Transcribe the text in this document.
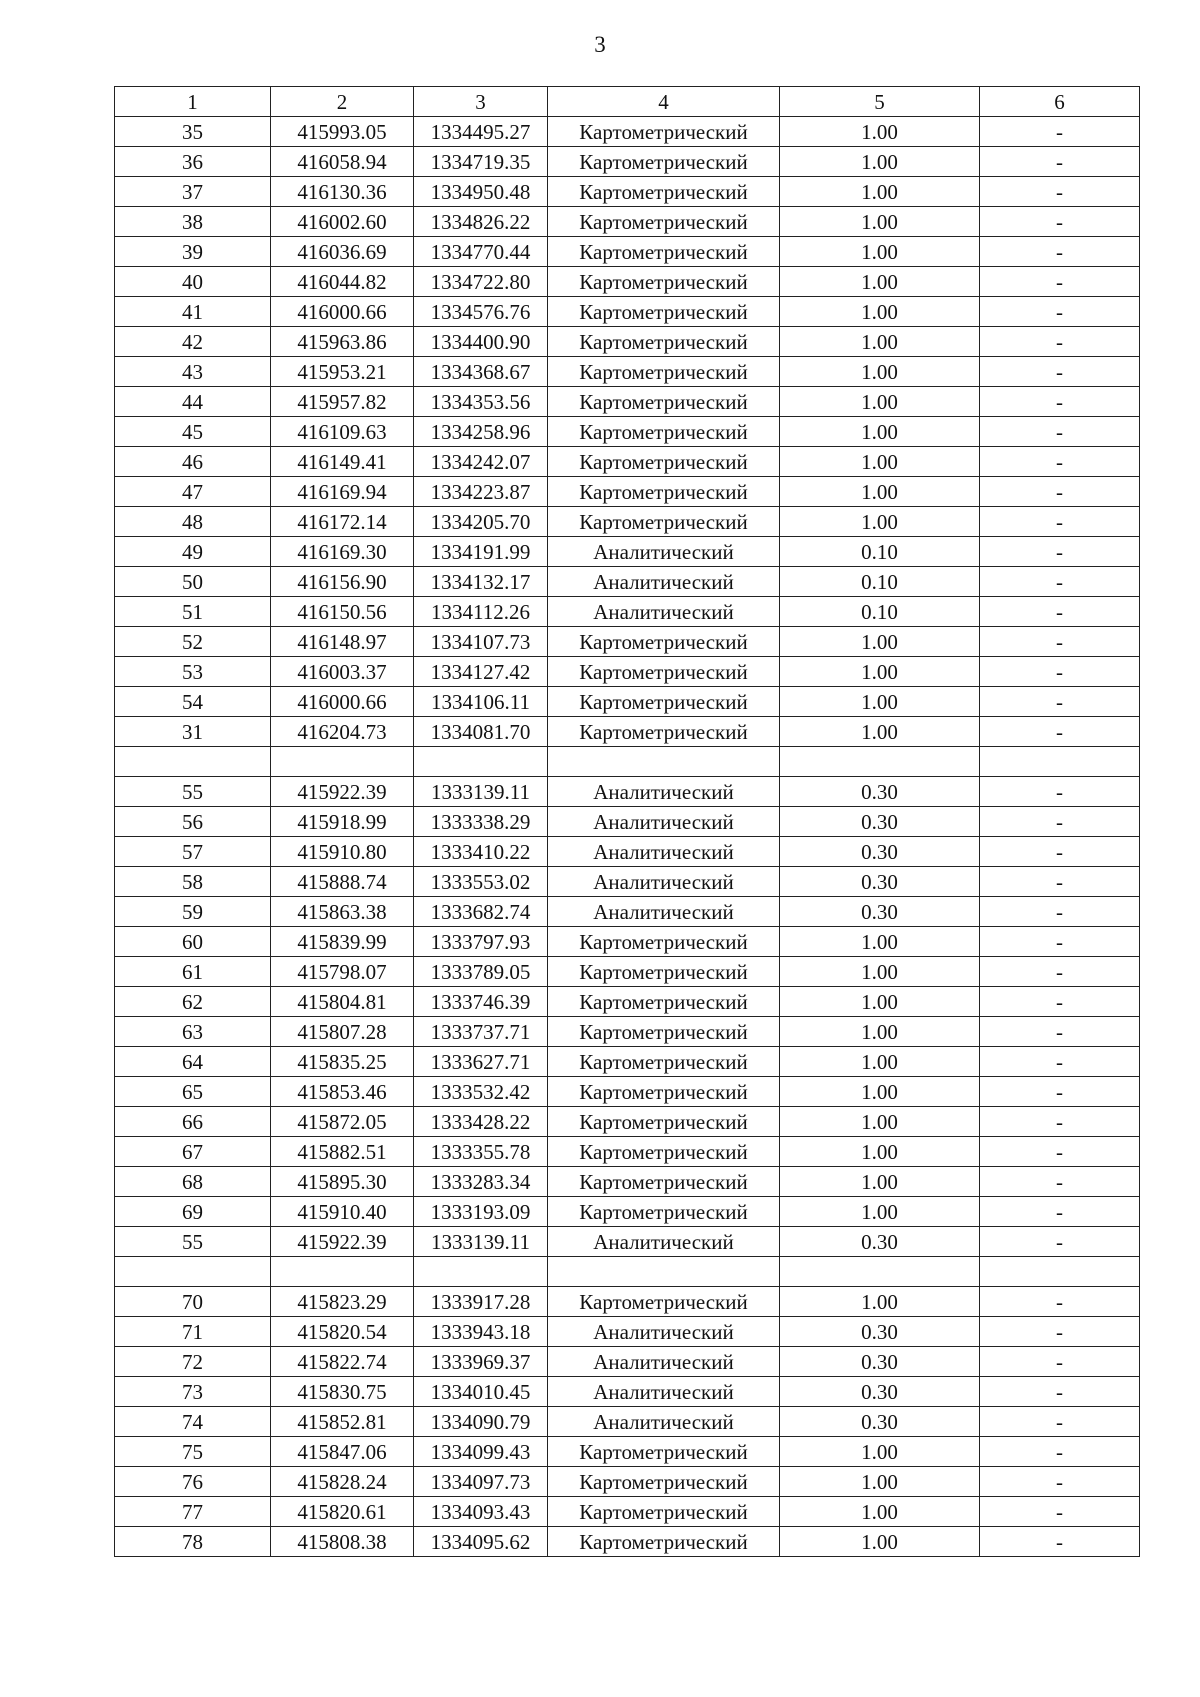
3
1	2	3	4	5	6
35	415993.05	1334495.27	Картометрический	1.00	-
36	416058.94	1334719.35	Картометрический	1.00	-
37	416130.36	1334950.48	Картометрический	1.00	-
38	416002.60	1334826.22	Картометрический	1.00	-
39	416036.69	1334770.44	Картометрический	1.00	-
40	416044.82	1334722.80	Картометрический	1.00	-
41	416000.66	1334576.76	Картометрический	1.00	-
42	415963.86	1334400.90	Картометрический	1.00	-
43	415953.21	1334368.67	Картометрический	1.00	-
44	415957.82	1334353.56	Картометрический	1.00	-
45	416109.63	1334258.96	Картометрический	1.00	-
46	416149.41	1334242.07	Картометрический	1.00	-
47	416169.94	1334223.87	Картометрический	1.00	-
48	416172.14	1334205.70	Картометрический	1.00	-
49	416169.30	1334191.99	Аналитический	0.10	-
50	416156.90	1334132.17	Аналитический	0.10	-
51	416150.56	1334112.26	Аналитический	0.10	-
52	416148.97	1334107.73	Картометрический	1.00	-
53	416003.37	1334127.42	Картометрический	1.00	-
54	416000.66	1334106.11	Картометрический	1.00	-
31	416204.73	1334081.70	Картометрический	1.00	-

55	415922.39	1333139.11	Аналитический	0.30	-
56	415918.99	1333338.29	Аналитический	0.30	-
57	415910.80	1333410.22	Аналитический	0.30	-
58	415888.74	1333553.02	Аналитический	0.30	-
59	415863.38	1333682.74	Аналитический	0.30	-
60	415839.99	1333797.93	Картометрический	1.00	-
61	415798.07	1333789.05	Картометрический	1.00	-
62	415804.81	1333746.39	Картометрический	1.00	-
63	415807.28	1333737.71	Картометрический	1.00	-
64	415835.25	1333627.71	Картометрический	1.00	-
65	415853.46	1333532.42	Картометрический	1.00	-
66	415872.05	1333428.22	Картометрический	1.00	-
67	415882.51	1333355.78	Картометрический	1.00	-
68	415895.30	1333283.34	Картометрический	1.00	-
69	415910.40	1333193.09	Картометрический	1.00	-
55	415922.39	1333139.11	Аналитический	0.30	-

70	415823.29	1333917.28	Картометрический	1.00	-
71	415820.54	1333943.18	Аналитический	0.30	-
72	415822.74	1333969.37	Аналитический	0.30	-
73	415830.75	1334010.45	Аналитический	0.30	-
74	415852.81	1334090.79	Аналитический	0.30	-
75	415847.06	1334099.43	Картометрический	1.00	-
76	415828.24	1334097.73	Картометрический	1.00	-
77	415820.61	1334093.43	Картометрический	1.00	-
78	415808.38	1334095.62	Картометрический	1.00	-
